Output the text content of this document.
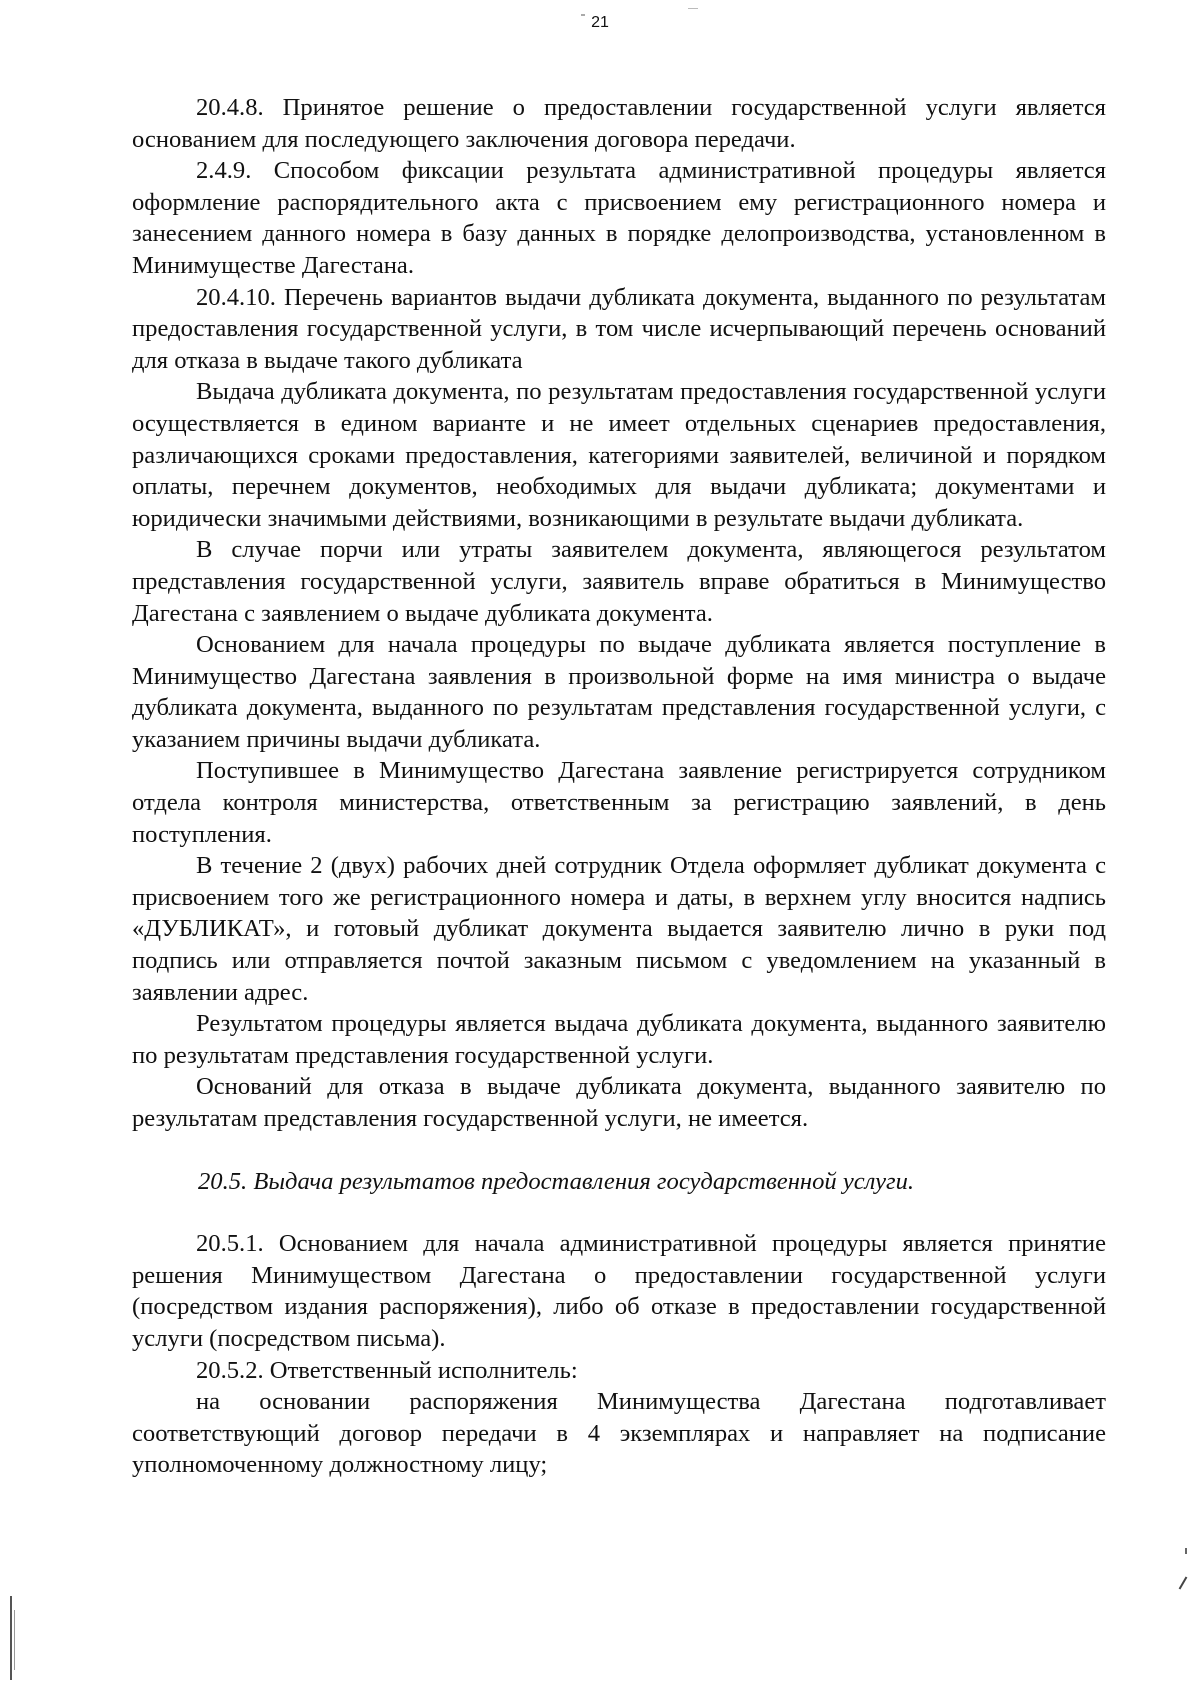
21

20.4.8. Принятое решение о предоставлении государственной услуги является основанием для последующего заключения договора передачи.

2.4.9. Способом фиксации результата административной процедуры является оформление распорядительного акта с присвоением ему регистрационного номера и занесением данного номера в базу данных в порядке делопроизводства, установленном в Минимуществе Дагестана.

20.4.10. Перечень вариантов выдачи дубликата документа, выданного по результатам предоставления государственной услуги, в том числе исчерпывающий перечень оснований для отказа в выдаче такого дубликата

Выдача дубликата документа, по результатам предоставления государственной услуги осуществляется в едином варианте и не имеет отдельных сценариев предоставления, различающихся сроками предоставления, категориями заявителей, величиной и порядком оплаты, перечнем документов, необходимых для выдачи дубликата; документами и юридически значимыми действиями, возникающими в результате выдачи дубликата.

В случае порчи или утраты заявителем документа, являющегося результатом представления государственной услуги, заявитель вправе обратиться в Минимущество Дагестана с заявлением о выдаче дубликата документа.

Основанием для начала процедуры по выдаче дубликата является поступление в Минимущество Дагестана заявления в произвольной форме на имя министра о выдаче дубликата документа, выданного по результатам представления государственной услуги, с указанием причины выдачи дубликата.

Поступившее в Минимущество Дагестана заявление регистрируется сотрудником отдела контроля министерства, ответственным за регистрацию заявлений, в день поступления.

В течение 2 (двух) рабочих дней сотрудник Отдела оформляет дубликат документа с присвоением того же регистрационного номера и даты, в верхнем углу вносится надпись «ДУБЛИКАТ», и готовый дубликат документа выдается заявителю лично в руки под подпись или отправляется почтой заказным письмом с уведомлением на указанный в заявлении адрес.

Результатом процедуры является выдача дубликата документа, выданного заявителю по результатам представления государственной услуги.

Оснований для отказа в выдаче дубликата документа, выданного заявителю по результатам представления государственной услуги, не имеется.

20.5. Выдача результатов предоставления государственной услуги.

20.5.1. Основанием для начала административной процедуры является принятие решения Минимуществом Дагестана о предоставлении государственной услуги (посредством издания распоряжения), либо об отказе в предоставлении государственной услуги (посредством письма).

20.5.2. Ответственный исполнитель:

на основании распоряжения Минимущества Дагестана подготавливает соответствующий договор передачи в 4 экземплярах и направляет на подписание уполномоченному должностному лицу;
